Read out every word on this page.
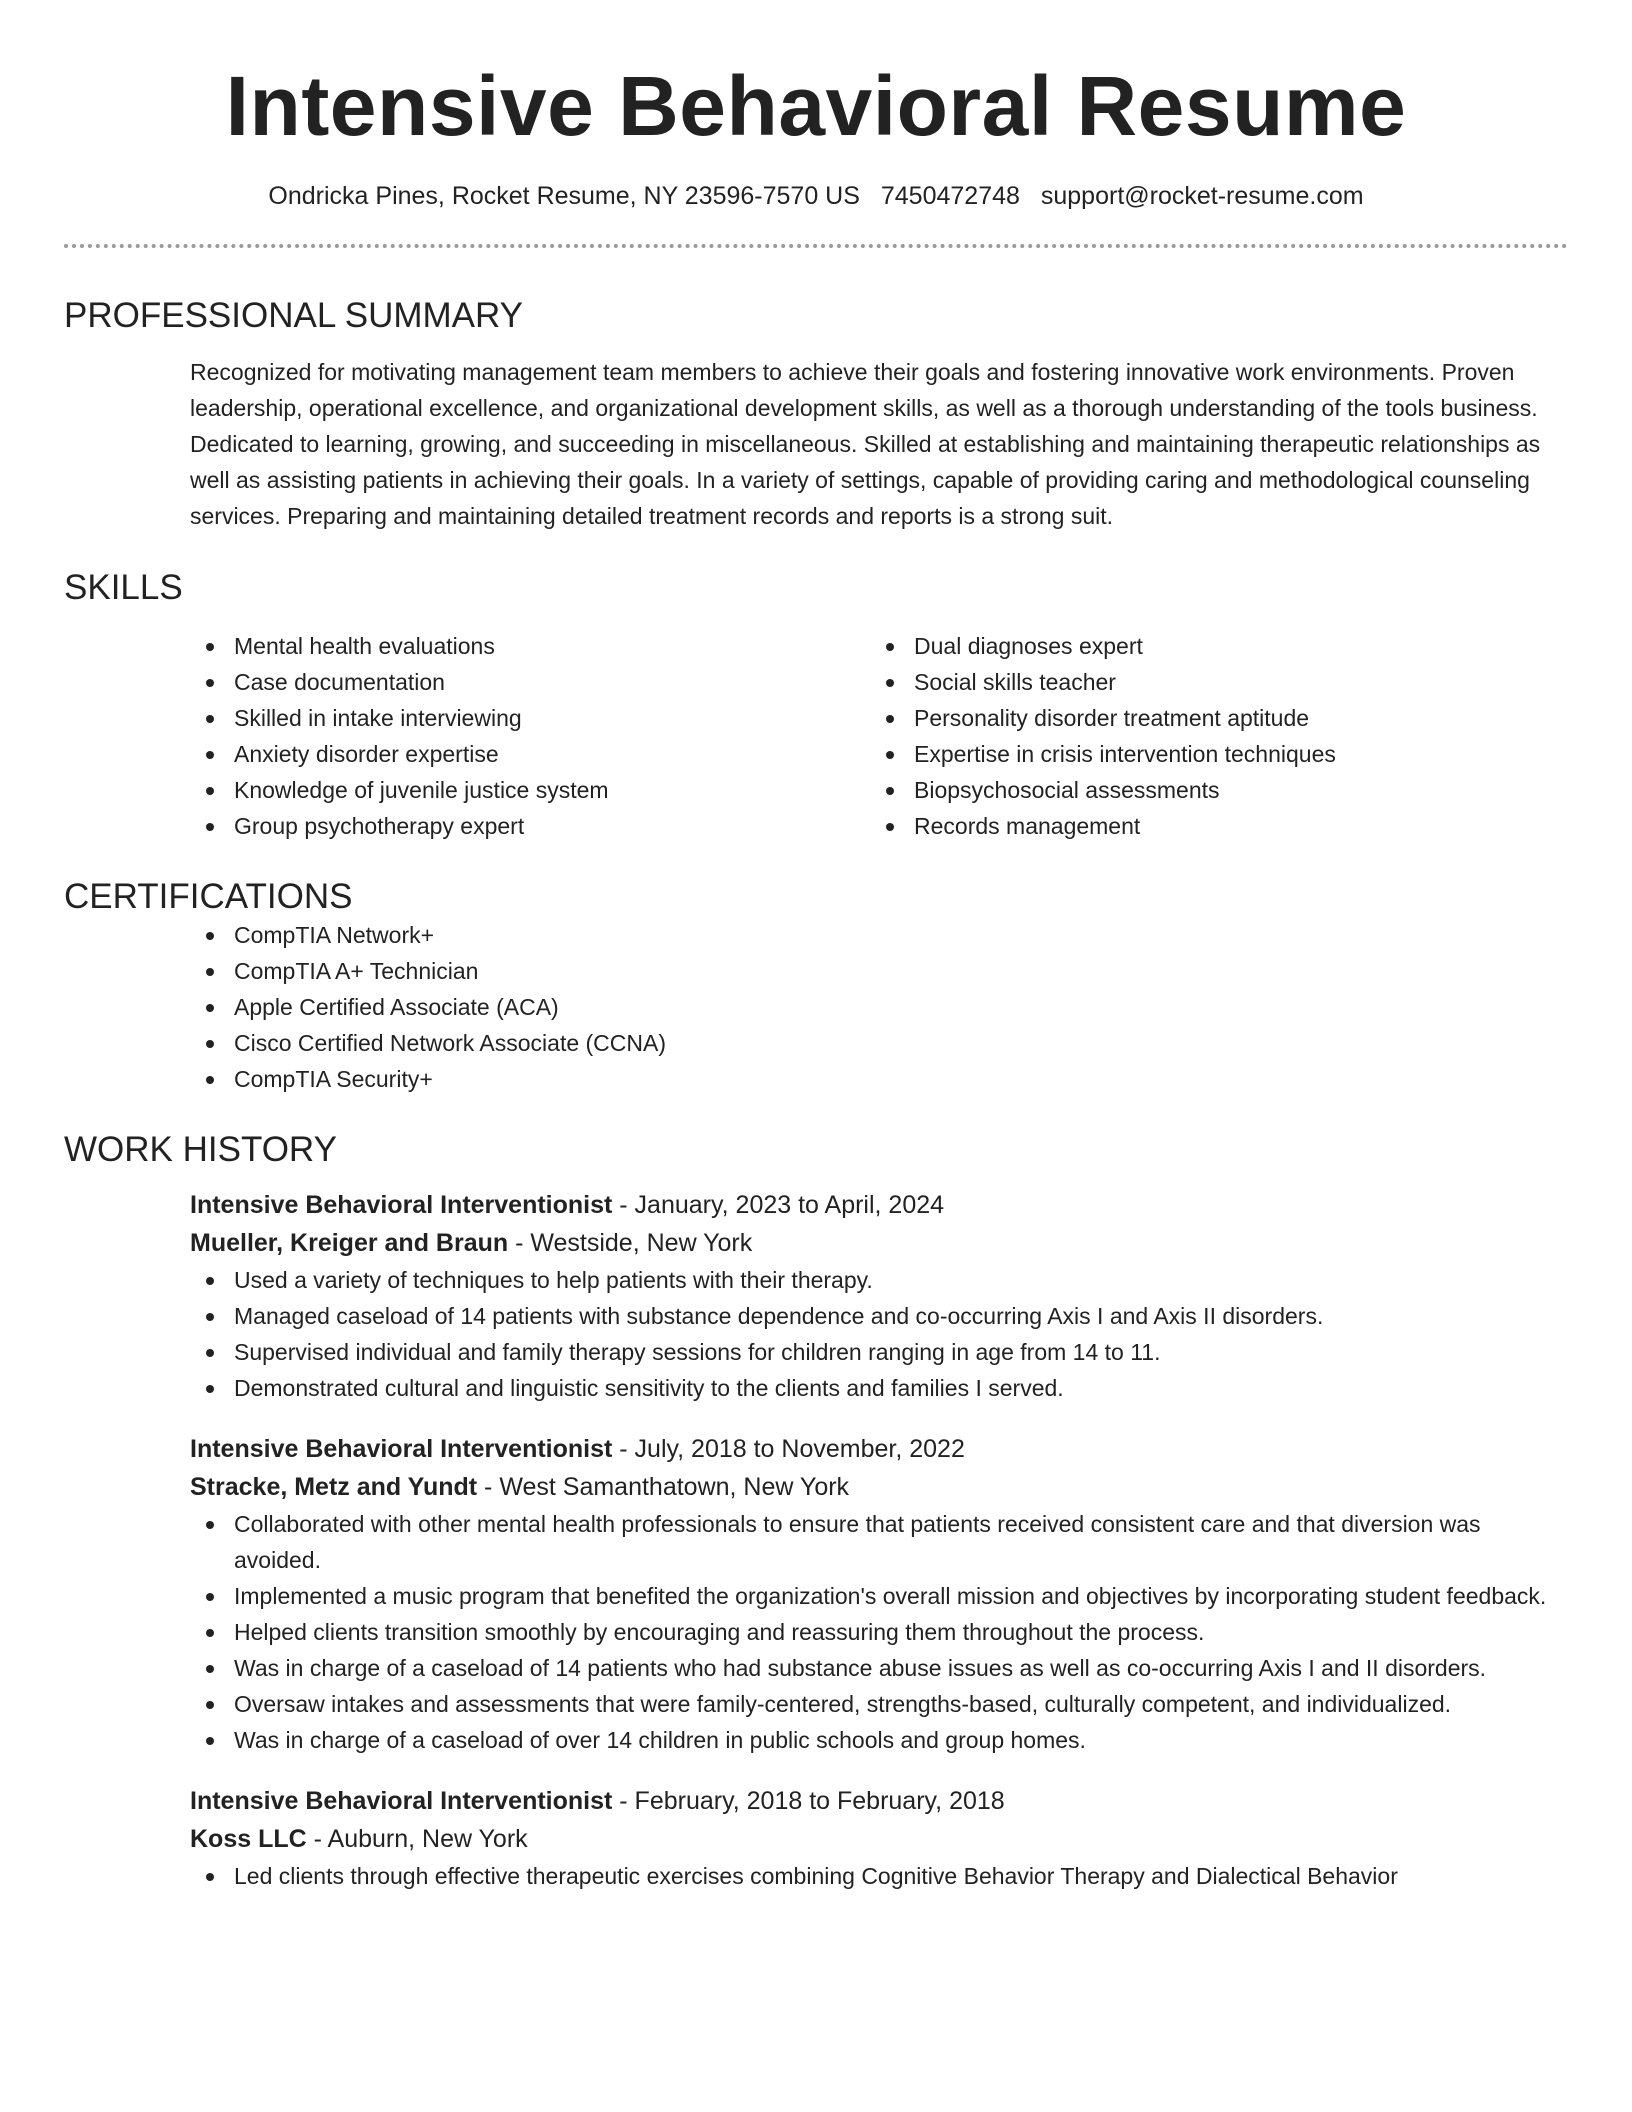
Intensive Behavioral Resume
Ondricka Pines, Rocket Resume, NY 23596-7570 US 7450472748 support@rocket-resume.com
PROFESSIONAL SUMMARY

Recognized for motivating management team members to achieve their goals and fostering innovative work environments. Proven leadership, operational excellence, and organizational development skills, as well as a thorough understanding of the tools business. Dedicated to learning, growing, and succeeding in miscellaneous. Skilled at establishing and maintaining therapeutic relationships as well as assisting patients in achieving their goals. In a variety of settings, capable of providing caring and methodological counseling services. Preparing and maintaining detailed treatment records and reports is a strong suit.

SKILLS
Mental health evaluations
Case documentation
Skilled in intake interviewing
Anxiety disorder expertise
Knowledge of juvenile justice system
Group psychotherapy expert
Dual diagnoses expert
Social skills teacher
Personality disorder treatment aptitude
Expertise in crisis intervention techniques
Biopsychosocial assessments
Records management
CERTIFICATIONS
CompTIA Network+
CompTIA A+ Technician
Apple Certified Associate (ACA)
Cisco Certified Network Associate (CCNA)
CompTIA Security+
WORK HISTORY
Intensive Behavioral Interventionist - January, 2023 to April, 2024
Mueller, Kreiger and Braun - Westside, New York
Used a variety of techniques to help patients with their therapy.
Managed caseload of 14 patients with substance dependence and co-occurring Axis I and Axis II disorders.
Supervised individual and family therapy sessions for children ranging in age from 14 to 11.
Demonstrated cultural and linguistic sensitivity to the clients and families I served.
Intensive Behavioral Interventionist - July, 2018 to November, 2022
Stracke, Metz and Yundt - West Samanthatown, New York
Collaborated with other mental health professionals to ensure that patients received consistent care and that diversion was avoided.
Implemented a music program that benefited the organization's overall mission and objectives by incorporating student feedback.
Helped clients transition smoothly by encouraging and reassuring them throughout the process.
Was in charge of a caseload of 14 patients who had substance abuse issues as well as co-occurring Axis I and II disorders.
Oversaw intakes and assessments that were family-centered, strengths-based, culturally competent, and individualized.
Was in charge of a caseload of over 14 children in public schools and group homes.
Intensive Behavioral Interventionist - February, 2018 to February, 2018
Koss LLC - Auburn, New York
Led clients through effective therapeutic exercises combining Cognitive Behavior Therapy and Dialectical Behavior
